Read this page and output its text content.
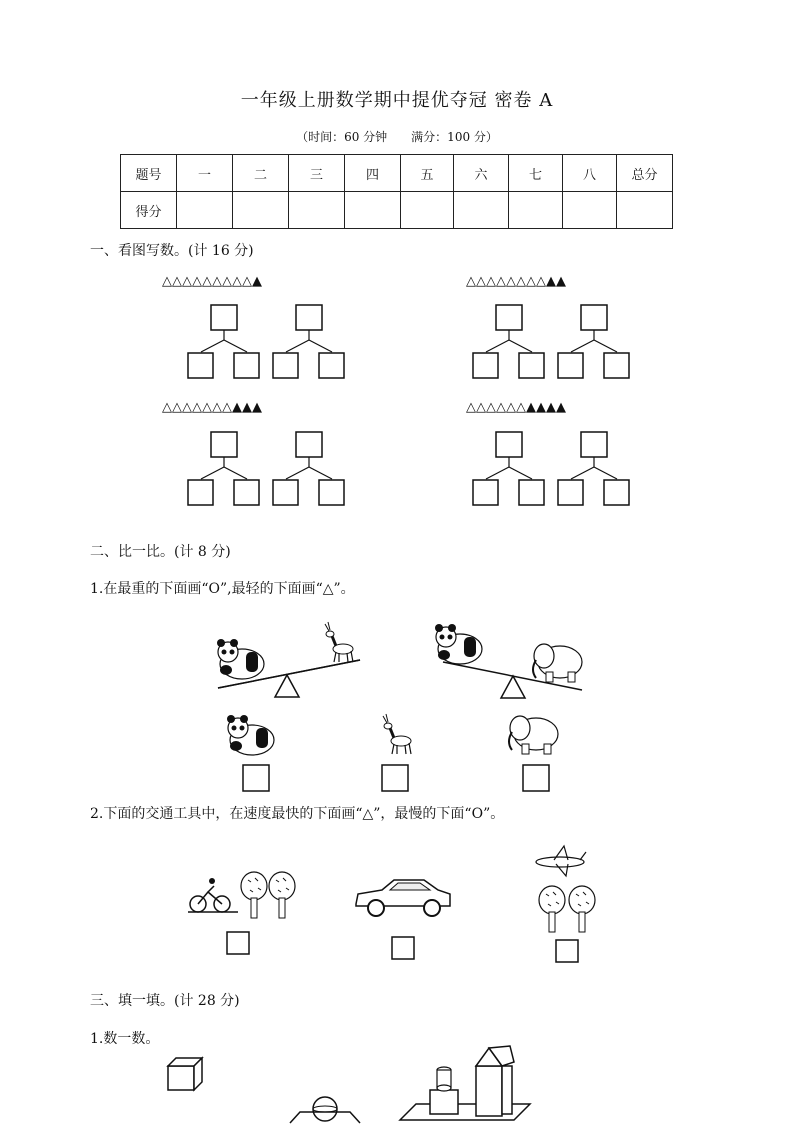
一年级上册数学期中提优夺冠 密卷 A
（时间：60 分钟　　满分：100 分）
题号	一	二	三	四	五	六	七	八	总分
得分									
一、看图写数。(计 16 分)
△△△△△△△△△▲	△△△△△△△△▲▲
△△△△△△△▲▲▲	△△△△△△▲▲▲▲
二、比一比。(计 8 分)
1.在最重的下面画“O”,最轻的下面画“△”。
2.下面的交通工具中，在速度最快的下面画“△”，最慢的下面“O”。
三、填一填。(计 28 分)
1.数一数。
